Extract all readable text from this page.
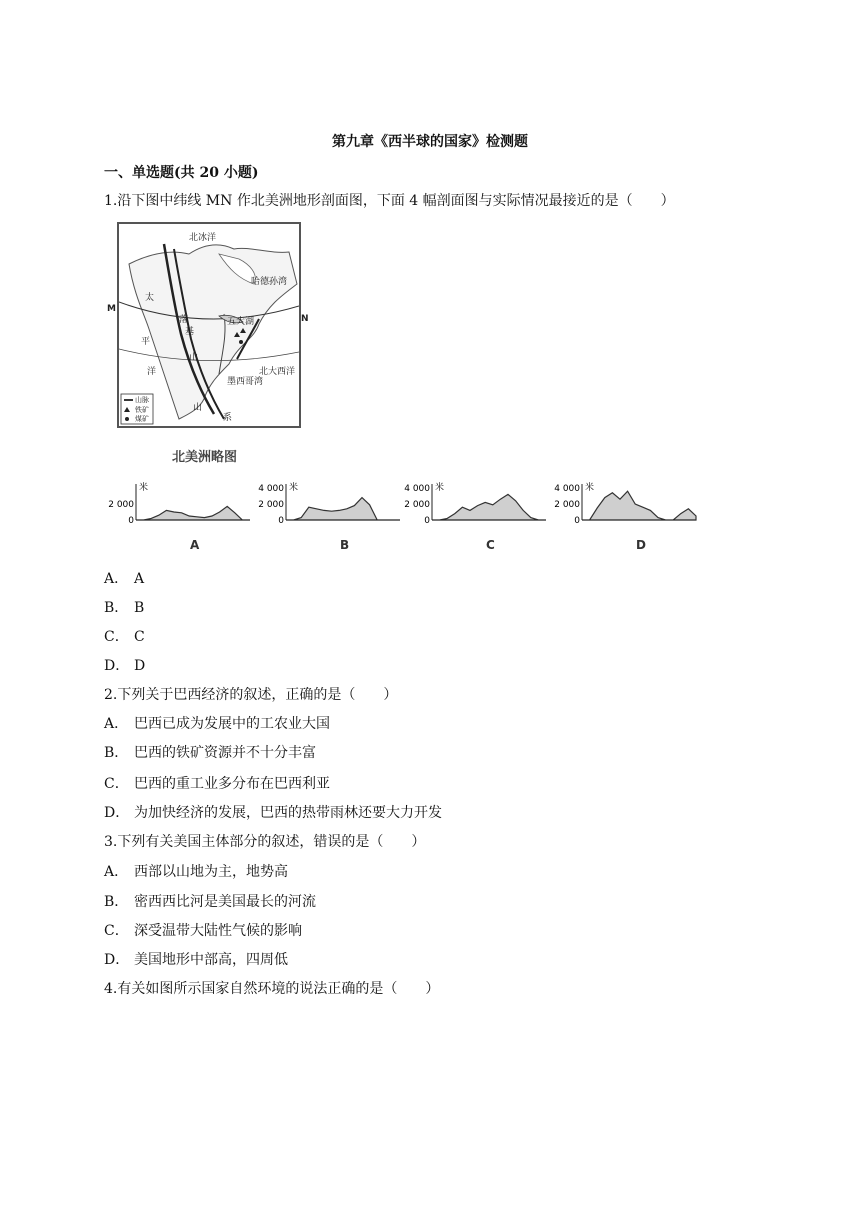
第九章《西半球的国家》检测题
一、单选题(共 20 小题)
1.沿下图中纬线 MN 作北美洲地形剖面图，下面 4 幅剖面图与实际情况最接近的是（　　）
北冰洋
哈德孙湾
太
平
洋
落
基
山
五大湖
北大西洋
墨西哥湾
山
系
山脉
铁矿
煤矿
M
N
北美洲略图
2 000
0
米
A
4 000
2 000
0
米
B
4 000
2 000
0
米
C
4 000
2 000
0
米
D
A． A
B． B
C． C
D． D
2.下列关于巴西经济的叙述，正确的是（　　）
A． 巴西已成为发展中的工农业大国
B． 巴西的铁矿资源并不十分丰富
C． 巴西的重工业多分布在巴西利亚
D． 为加快经济的发展，巴西的热带雨林还要大力开发
3.下列有关美国主体部分的叙述，错误的是（　　）
A． 西部以山地为主，地势高
B． 密西西比河是美国最长的河流
C． 深受温带大陆性气候的影响
D． 美国地形中部高，四周低
4.有关如图所示国家自然环境的说法正确的是（　　）
